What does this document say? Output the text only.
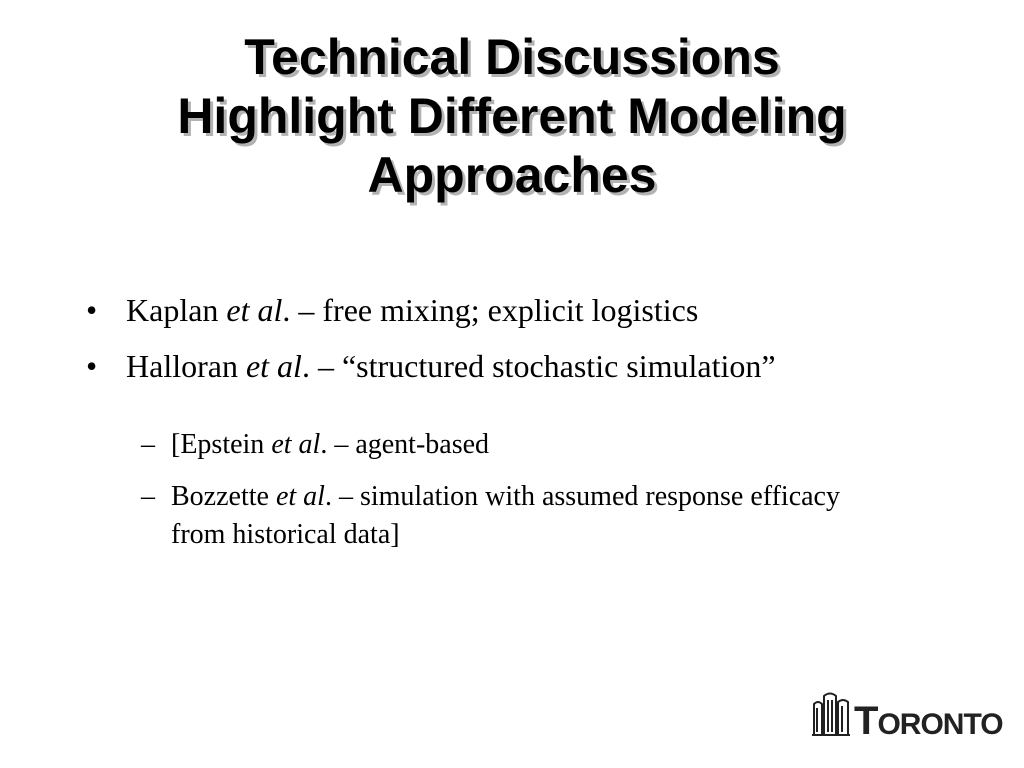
Technical Discussions
Highlight Different Modeling
Approaches
• Kaplan et al. – free mixing; explicit logistics
• Halloran et al. – “structured stochastic simulation”
– [Epstein et al. – agent-based
– Bozzette et al. – simulation with assumed response efficacy from historical data]
TORONTO
